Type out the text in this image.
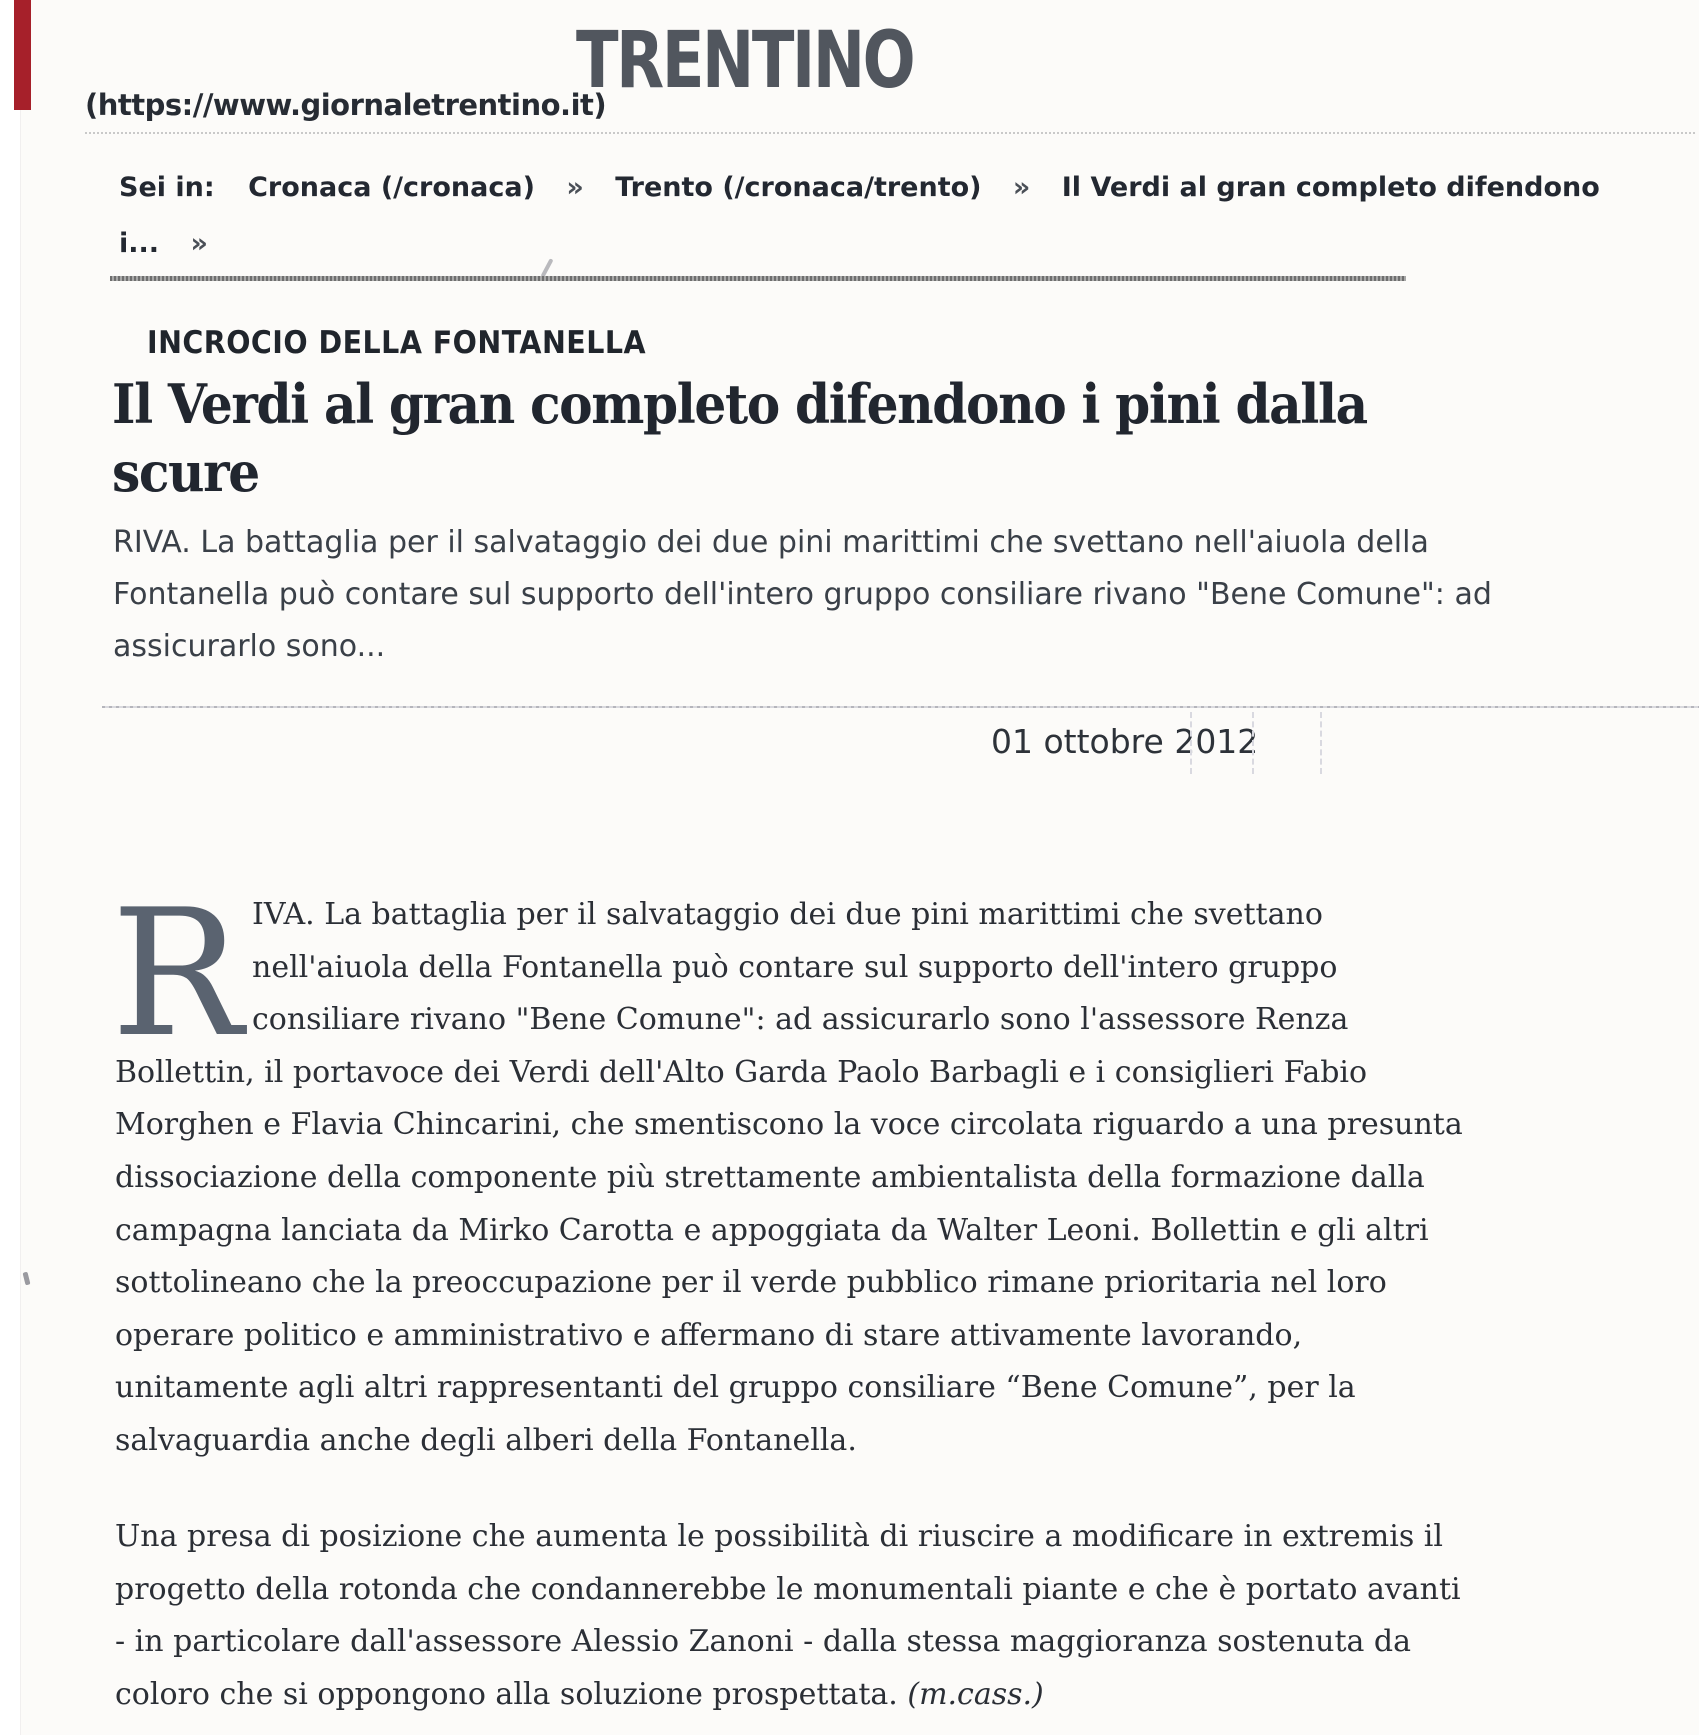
TRENTINO
(https://www.giornaletrentino.it)
Sei in: Cronaca (/cronaca) » Trento (/cronaca/trento) » Il Verdi al gran completo difendono
i... »
INCROCIO DELLA FONTANELLA
Il Verdi al gran completo difendono i pini dalla
scure
RIVA. La battaglia per il salvataggio dei due pini marittimi che svettano nell'aiuola della
Fontanella può contare sul supporto dell'intero gruppo consiliare rivano "Bene Comune": ad
assicurarlo sono...
01 ottobre 2012
R IVA. La battaglia per il salvataggio dei due pini marittimi che svettano
nell'aiuola della Fontanella può contare sul supporto dell'intero gruppo
consiliare rivano "Bene Comune": ad assicurarlo sono l'assessore Renza
Bollettin, il portavoce dei Verdi dell'Alto Garda Paolo Barbagli e i consiglieri Fabio
Morghen e Flavia Chincarini, che smentiscono la voce circolata riguardo a una presunta
dissociazione della componente più strettamente ambientalista della formazione dalla
campagna lanciata da Mirko Carotta e appoggiata da Walter Leoni. Bollettin e gli altri
sottolineano che la preoccupazione per il verde pubblico rimane prioritaria nel loro
operare politico e amministrativo e affermano di stare attivamente lavorando,
unitamente agli altri rappresentanti del gruppo consiliare “Bene Comune”, per la
salvaguardia anche degli alberi della Fontanella.
Una presa di posizione che aumenta le possibilità di riuscire a modificare in extremis il
progetto della rotonda che condannerebbe le monumentali piante e che è portato avanti
- in particolare dall'assessore Alessio Zanoni - dalla stessa maggioranza sostenuta da
coloro che si oppongono alla soluzione prospettata. (m.cass.)
